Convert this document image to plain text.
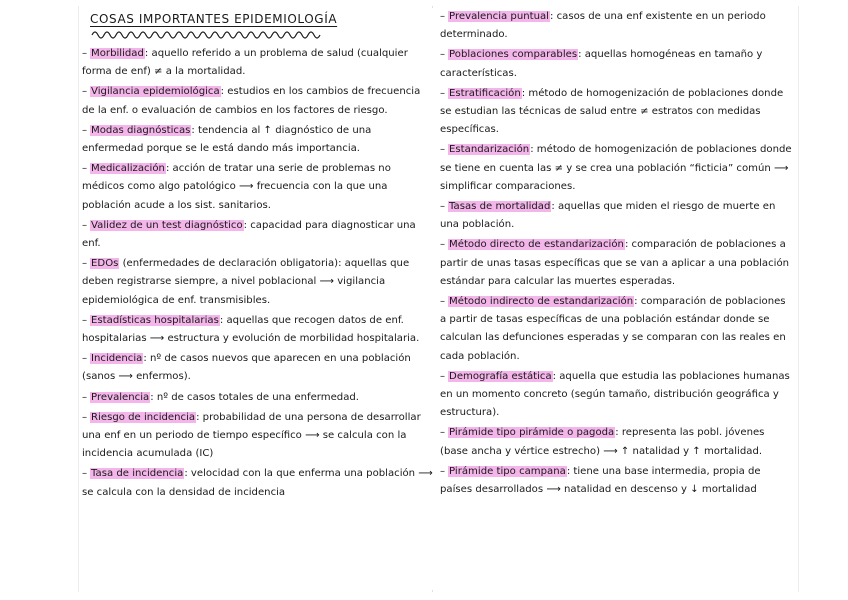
COSAS IMPORTANTES EPIDEMIOLOGÍA

– Morbilidad: aquello referido a un problema de salud (cualquier forma de enf) ≠ a la mortalidad.

– Vigilancia epidemiológica: estudios en los cambios de frecuencia de la enf. o evaluación de cambios en los factores de riesgo.

– Modas diagnósticas: tendencia al ↑ diagnóstico de una enfermedad porque se le está dando más importancia.

– Medicalización: acción de tratar una serie de problemas no médicos como algo patológico ⟶ frecuencia con la que una población acude a los sist. sanitarios.

– Validez de un test diagnóstico: capacidad para diagnosticar una enf.

– EDOs (enfermedades de declaración obligatoria): aquellas que deben registrarse siempre, a nivel poblacional ⟶ vigilancia epidemiológica de enf. transmisibles.

– Estadísticas hospitalarias: aquellas que recogen datos de enf. hospitalarias ⟶ estructura y evolución de morbilidad hospitalaria.

– Incidencia: nº de casos nuevos que aparecen en una población (sanos ⟶ enfermos).

– Prevalencia: nº de casos totales de una enfermedad.

– Riesgo de incidencia: probabilidad de una persona de desarrollar una enf en un periodo de tiempo específico ⟶ se calcula con la incidencia acumulada (IC)

– Tasa de incidencia: velocidad con la que enferma una población ⟶ se calcula con la densidad de incidencia

– Prevalencia puntual: casos de una enf existente en un periodo determinado.

– Poblaciones comparables: aquellas homogéneas en tamaño y características.

– Estratificación: método de homogenización de poblaciones donde se estudian las técnicas de salud entre ≠ estratos con medidas específicas.

– Estandarización: método de homogenización de poblaciones donde se tiene en cuenta las ≠ y se crea una población “ficticia” común ⟶ simplificar comparaciones.

– Tasas de mortalidad: aquellas que miden el riesgo de muerte en una población.

– Método directo de estandarización: comparación de poblaciones a partir de unas tasas específicas que se van a aplicar a una población estándar para calcular las muertes esperadas.

– Método indirecto de estandarización: comparación de poblaciones a partir de tasas específicas de una población estándar donde se calculan las defunciones esperadas y se comparan con las reales en cada población.

– Demografía estática: aquella que estudia las poblaciones humanas en un momento concreto (según tamaño, distribución geográfica y estructura).

– Pirámide tipo pirámide o pagoda: representa las pobl. jóvenes (base ancha y vértice estrecho) ⟶ ↑ natalidad y ↑ mortalidad.

– Pirámide tipo campana: tiene una base intermedia, propia de países desarrollados ⟶ natalidad en descenso y ↓ mortalidad
